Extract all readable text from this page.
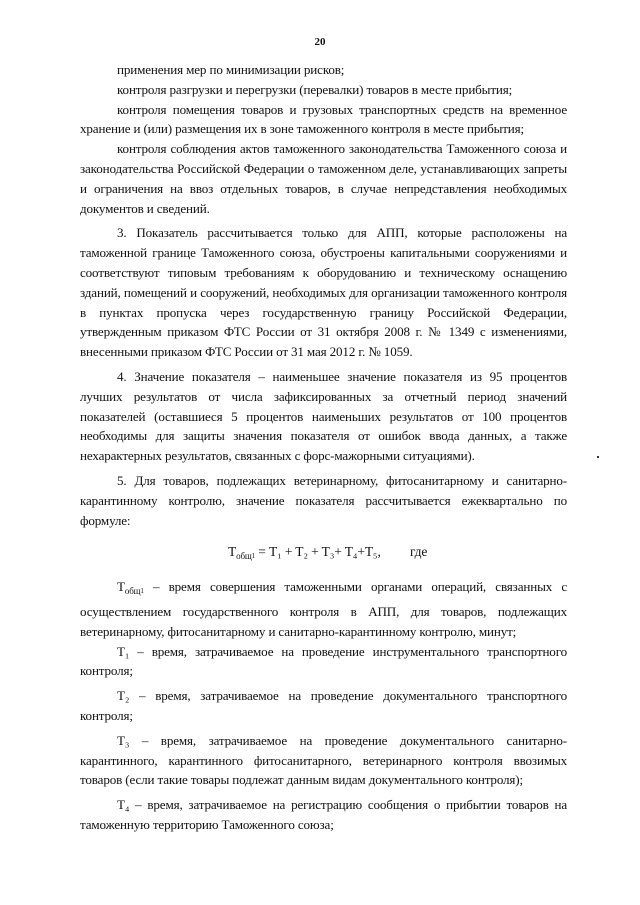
20

применения мер по минимизации рисков;

контроля разгрузки и перегрузки (перевалки) товаров в месте прибытия;

контроля помещения товаров и грузовых транспортных средств на временное хранение и (или) размещения их в зоне таможенного контроля в месте прибытия;

контроля соблюдения актов таможенного законодательства Таможенного союза и законодательства Российской Федерации о таможенном деле, устанавливающих запреты и ограничения на ввоз отдельных товаров, в случае непредставления необходимых документов и сведений.

3. Показатель рассчитывается только для АПП, которые расположены на таможенной границе Таможенного союза, обустроены капитальными сооружениями и соответствуют типовым требованиям к оборудованию и техническому оснащению зданий, помещений и сооружений, необходимых для организации таможенного контроля в пунктах пропуска через государственную границу Российской Федерации, утвержденным приказом ФТС России от 31 октября 2008 г. № 1349 с изменениями, внесенными приказом ФТС России от 31 мая 2012 г. № 1059.

4. Значение показателя – наименьшее значение показателя из 95 процентов лучших результатов от числа зафиксированных за отчетный период значений показателей (оставшиеся 5 процентов наименьших результатов от 100 процентов необходимы для защиты значения показателя от ошибок ввода данных, а также нехарактерных результатов, связанных с форс-мажорными ситуациями).

5. Для товаров, подлежащих ветеринарному, фитосанитарному и санитарно-карантинному контролю, значение показателя рассчитывается ежеквартально по формуле:

$T_{общ}1 = T_1 + T_2 + T_3+ T_4+T_5$, где

$T_{общ}1$ – время совершения таможенными органами операций, связанных с осуществлением государственного контроля в АПП, для товаров, подлежащих ветеринарному, фитосанитарному и санитарно-карантинному контролю, минут;

T₁ – время, затрачиваемое на проведение инструментального транспортного контроля;

T₂ – время, затрачиваемое на проведение документального транспортного контроля;

T₃ – время, затрачиваемое на проведение документального санитарно-карантинного, карантинного фитосанитарного, ветеринарного контроля ввозимых товаров (если такие товары подлежат данным видам документального контроля);

T₄ – время, затрачиваемое на регистрацию сообщения о прибытии товаров на таможенную территорию Таможенного союза;
